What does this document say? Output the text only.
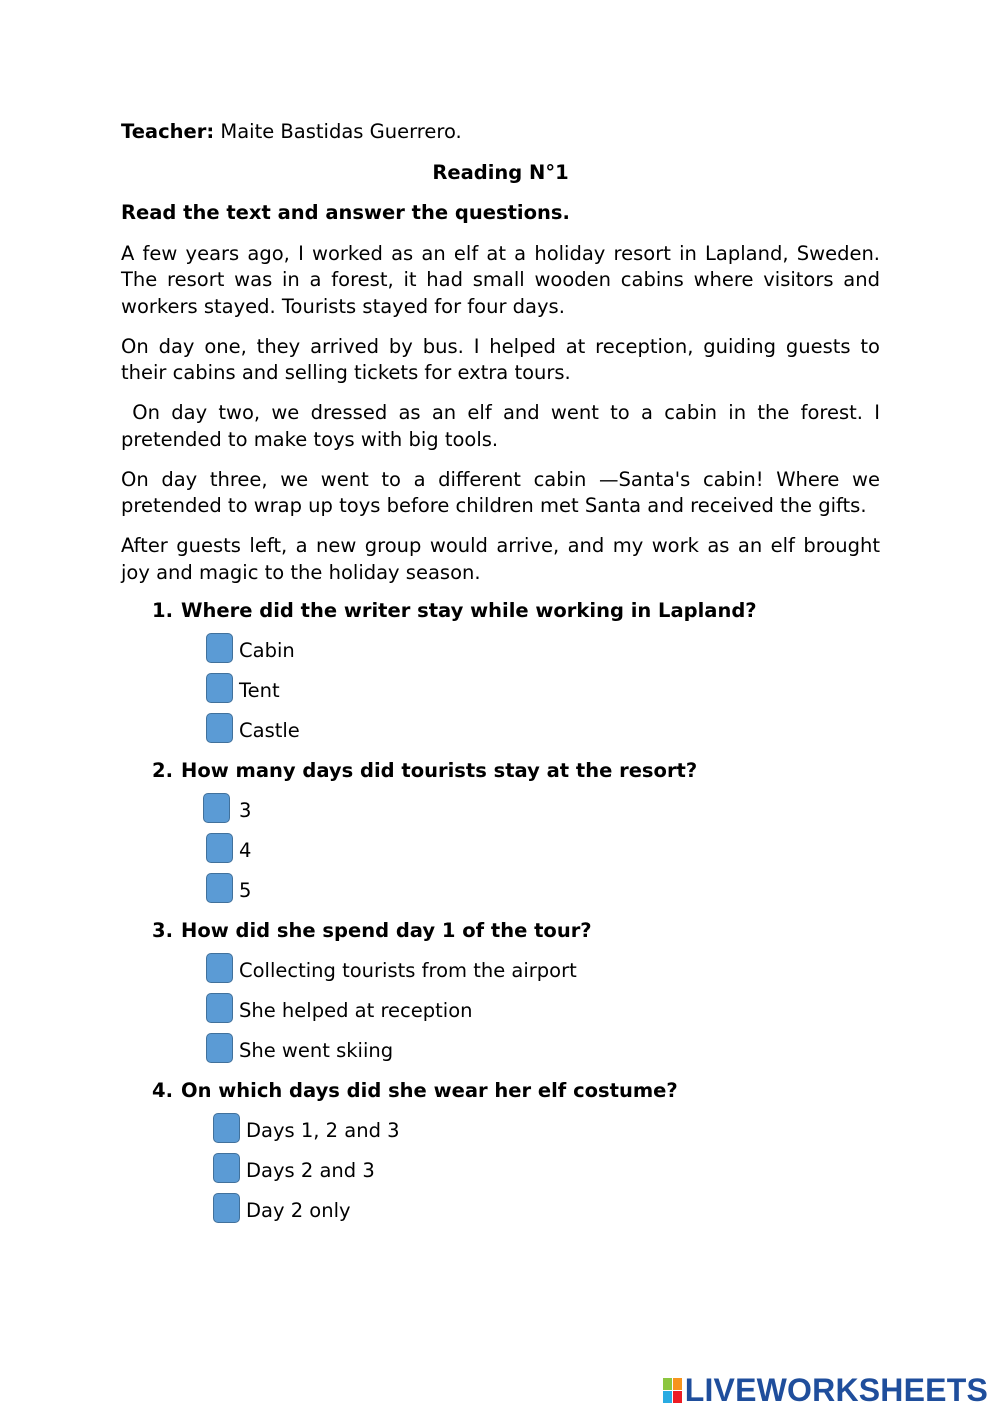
Teacher: Maite Bastidas Guerrero.

Reading N°1

Read the text and answer the questions.

A few years ago, I worked as an elf at a holiday resort in Lapland, Sweden. The resort was in a forest, it had small wooden cabins where visitors and workers stayed. Tourists stayed for four days.

On day one, they arrived by bus. I helped at reception, guiding guests to their cabins and selling tickets for extra tours.

On day two, we dressed as an elf and went to a cabin in the forest. I pretended to make toys with big tools.

On day three, we went to a different cabin —Santa's cabin! Where we pretended to wrap up toys before children met Santa and received the gifts.

After guests left, a new group would arrive, and my work as an elf brought joy and magic to the holiday season.

1. Where did the writer stay while working in Lapland?
Cabin
Tent
Castle
2. How many days did tourists stay at the resort?
3
4
5
3. How did she spend day 1 of the tour?
Collecting tourists from the airport
She helped at reception
She went skiing
4. On which days did she wear her elf costume?
Days 1, 2 and 3
Days 2 and 3
Day 2 only
LIVEWORKSHEETS
